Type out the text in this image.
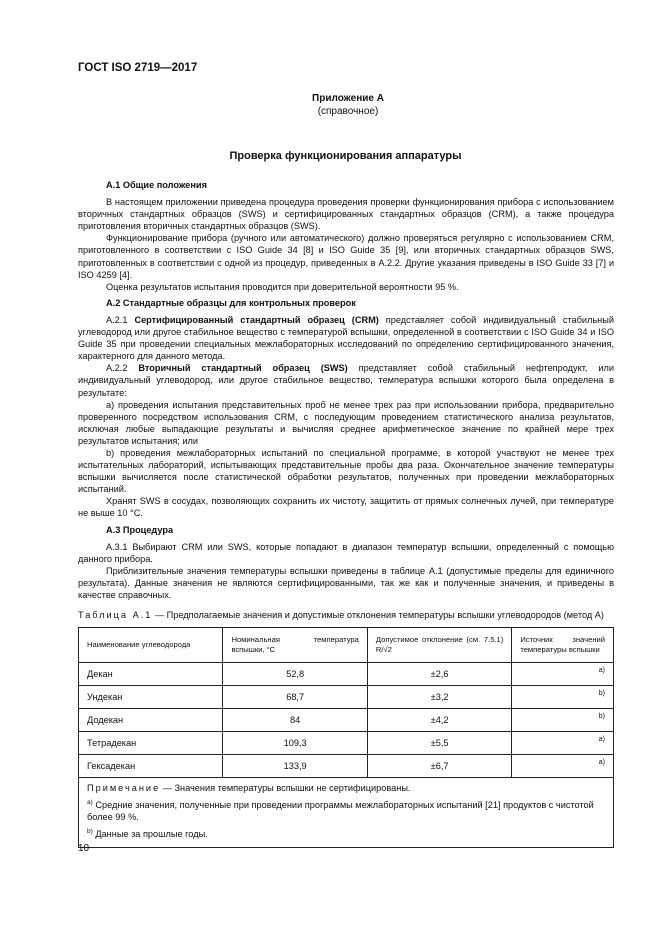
ГОСТ ISO 2719—2017
Приложение А
(справочное)
Проверка функционирования аппаратуры

А.1 Общие положения

В настоящем приложении приведена процедура проведения проверки функционирования прибора с использованием вторичных стандартных образцов (SWS) и сертифицированных стандартных образцов (CRM), а также процедура приготовления вторичных стандартных образцов (SWS).

Функционирование прибора (ручного или автоматического) должно проверяться регулярно с использованием CRM, приготовленного в соответствии с ISO Guide 34 [8] и ISO Guide 35 [9], или вторичных стандартных образцов SWS, приготовленных в соответствии с одной из процедур, приведенных в А.2.2. Другие указания приведены в ISO Guide 33 [7] и ISO 4259 [4].

Оценка результатов испытания проводится при доверительной вероятности 95 %.

А.2 Стандартные образцы для контрольных проверок

А.2.1 Сертифицированный стандартный образец (CRM) представляет собой индивидуальный стабильный углеводород или другое стабильное вещество с температурой вспышки, определенной в соответствии с ISO Guide 34 и ISO Guide 35 при проведении специальных межлабораторных исследований по определению сертифицированного значения, характерного для данного метода.

А.2.2 Вторичный стандартный образец (SWS) представляет собой стабильный нефтепродукт, или индивидуальный углеводород, или другое стабильное вещество, температура вспышки которого была определена в результате:

а) проведения испытания представительных проб не менее трех раз при использовании прибора, предварительно проверенного посредством использования CRM, с последующим проведением статистического анализа результатов, исключая любые выпадающие результаты и вычисляя среднее арифметическое значение по крайней мере трех результатов испытания; или

b) проведения межлабораторных испытаний по специальной программе, в которой участвуют не менее трех испытательных лабораторий, испытывающих представительные пробы два раза. Окончательное значение температуры вспышки вычисляется после статистической обработки результатов, полученных при проведении межлабораторных испытаний.

Хранят SWS в сосудах, позволяющих сохранить их чистоту, защитить от прямых солнечных лучей, при температуре не выше 10 °С.

А.3 Процедура

А.3.1 Выбирают CRM или SWS, которые попадают в диапазон температур вспышки, определенный с помощью данного прибора.

Приблизительные значения температуры вспышки приведены в таблице А.1 (допустимые пределы для единичного результата). Данные значения не являются сертифицированными, так же как и полученные значения, и приведены в качестве справочных.

Таблица А.1 — Предполагаемые значения и допустимые отклонения температуры вспышки углеводородов (метод А)

Наименование углеводорода	Номинальная температура вспышки, °С	Допустимое отклонение (см. 7.5.1) R/√2	Источник значений температуры вспышки
Декан	52,8	±2,6	a)
Ундекан	68,7	±3,2	b)
Додекан	84	±4,2	b)
Тетрадекан	109,3	±5,5	a)
Гексадекан	133,9	±6,7	a)

Примечание — Значения температуры вспышки не сертифицированы.

$^{a)}$ Средние значения, полученные при проведении программы межлабораторных испытаний [21] продуктов с чистотой более 99 %.

$^{b)}$ Данные за прошлые годы.			

10
